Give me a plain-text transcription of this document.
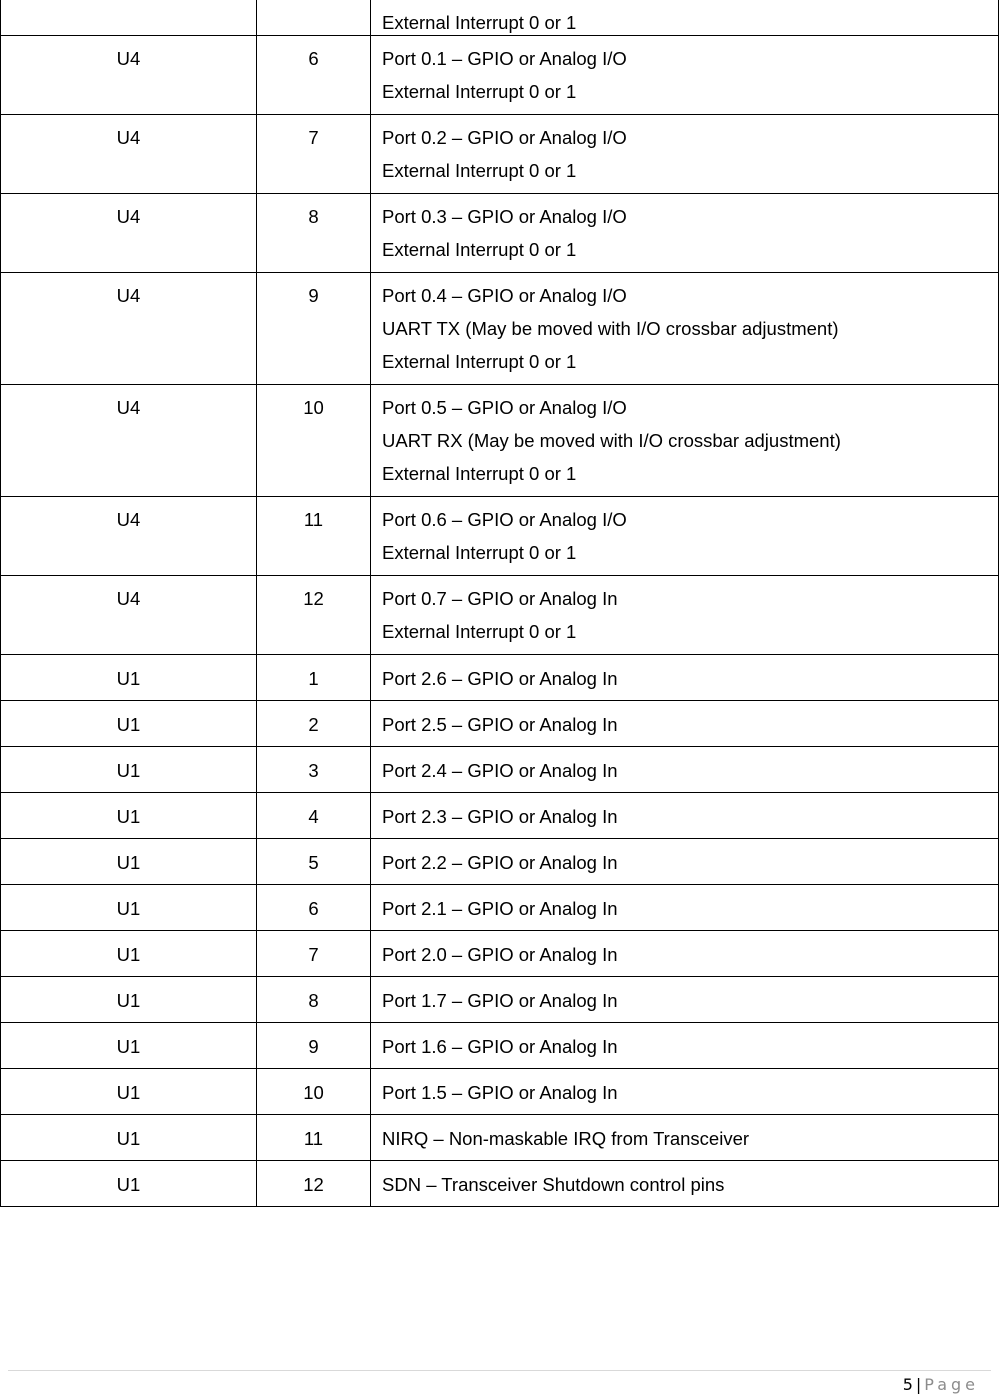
		External Interrupt 0 or 1

U4	6	Port 0.1 – GPIO or Analog I/O
External Interrupt 0 or 1

U4	7	Port 0.2 – GPIO or Analog I/O
External Interrupt 0 or 1

U4	8	Port 0.3 – GPIO or Analog I/O
External Interrupt 0 or 1

U4	9	Port 0.4 – GPIO or Analog I/O
UART TX (May be moved with I/O crossbar adjustment)
External Interrupt 0 or 1

U4	10	Port 0.5 – GPIO or Analog I/O
UART RX (May be moved with I/O crossbar adjustment)
External Interrupt 0 or 1

U4	11	Port 0.6 – GPIO or Analog I/O
External Interrupt 0 or 1

U4	12	Port 0.7 – GPIO or Analog In
External Interrupt 0 or 1

U1	1	Port 2.6 – GPIO or Analog In

U1	2	Port 2.5 – GPIO or Analog In

U1	3	Port 2.4 – GPIO or Analog In

U1	4	Port 2.3 – GPIO or Analog In

U1	5	Port 2.2 – GPIO or Analog In

U1	6	Port 2.1 – GPIO or Analog In

U1	7	Port 2.0 – GPIO or Analog In

U1	8	Port 1.7 – GPIO or Analog In

U1	9	Port 1.6 – GPIO or Analog In

U1	10	Port 1.5 – GPIO or Analog In

U1	11	NIRQ – Non-maskable IRQ from Transceiver

U1	12	SDN – Transceiver Shutdown control pins
5 | Page
